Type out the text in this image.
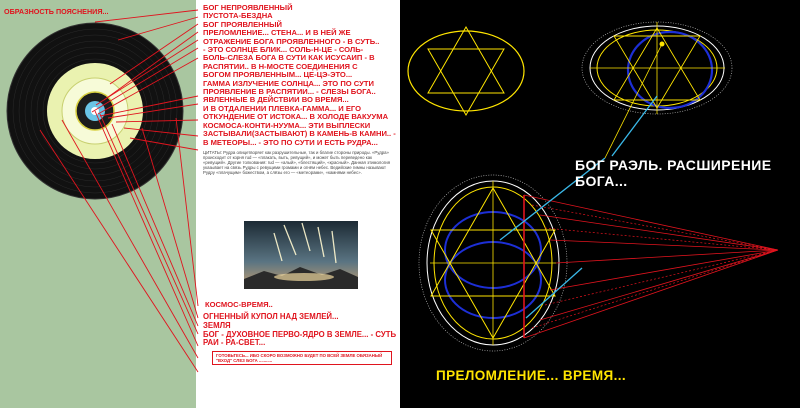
ОБРАЗНОСТЬ ПОЯСНЕНИЯ...	БОГ НЕПРОЯВЛЕННЫЙ
ПУСТОТА-БЕЗДНА
БОГ ПРОЯВЛЕННЫЙ
ПРЕЛОМЛЕНИЕ... СТЕНА... И В НЕЙ ЖЕ
ОТРАЖЕНИЕ БОГА ПРОЯВЛЕННОГО - В СУТЬ..
- ЭТО СОЛНЦЕ БЛИК... СОЛЬ-Н-ЦЕ - СОЛЬ-
БОЛЬ-СЛЕЗА БОГА В СУТИ КАК ИСУСАИП - В
РАСПЯТИИ.. В Н-МОСТЕ СОЕДИНЕНИЯ С
БОГОМ ПРОЯВЛЕННЫМ... ЦЕ-ЦЭ-ЭТО...
ГАММА ИЗЛУЧЕНИЕ СОЛНЦА... ЭТО ПО СУТИ
ПРОЯВЛЕНИЕ В РАСПЯТИИ... - СЛЕЗЫ БОГА..
ЯВЛЕННЫЕ В ДЕЙСТВИИ ВО ВРЕМЯ...
И В ОТДАЛЕНИИ ПЛЕВКА-ГАММА... И ЕГО
ОТКУНДЕНИЕ ОТ ИСТОКА... В ХОЛОДЕ ВАКУУМА
КОСМОСА-КОНТИ-НУУМА... ЭТИ ВЫПЛЕСКИ
ЗАСТЫВАЛИ(ЗАСТЫВАЮТ) В КАМЕНЬ-В КАМНИ.. -
В МЕТЕОРЫ... - ЭТО ПО СУТИ И ЕСТЬ РУДРА...
ЦИТАТЫ: Рудра олицетворяет как разрушительные, так и благие стороны природы. «Рудра» происходит от корня rud — «плакать, выть, ревущий», и может быть переведено как «ревущий». Другие толкования: rud — «алый», «блестящий», «красный». Данная этимология указывает на связь Рудры с ревущими громами и огнём небес. Ведийские гимны называют Рудру «плачущим» божеством, а слёзы его — «метеорами», «камнями небес».
КОСМОС-ВРЕМЯ..
ОГНЕННЫЙ КУПОЛ НАД ЗЕМЛЕЙ...
ЗЕМЛЯ
БОГ - ДУХОВНОЕ ПЕРВО-ЯДРО В ЗЕМЛЕ... - СУТЬ
РАИ - РА-СВЕТ...
ГОТОВЬТЕСЬ... ИБО СКОРО ВОЗМОЖНО БУДЕТ ПО ВСЕЙ ЗЕМЛЕ ОБЯЗАНЫЙ "ВХОД" СЛЕЗ БОГА ...........
БОГ РАЭЛЬ. РАСШИРЕНИЕ
БОГА...
ПРЕЛОМЛЕНИЕ... ВРЕМЯ...
